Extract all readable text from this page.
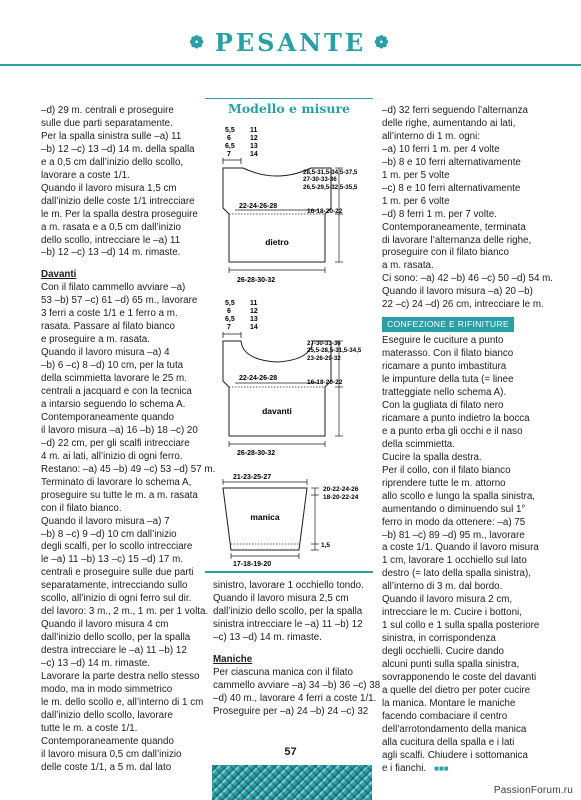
❁ PESANTE ❁

–d) 29 m. centrali e proseguire

sulle due parti separatamente.

Per la spalla sinistra sulle –a) 11

–b) 12 –c) 13 –d) 14 m. della spalla

e a 0,5 cm dall’inizio dello scollo,

lavorare a coste 1/1.

Quando il lavoro misura 1,5 cm

dall’inizio delle coste 1/1 intrecciare

le m. Per la spalla destra proseguire

a m. rasata e a 0,5 cm dall’inizio

dello scollo, intrecciare le –a) 11

–b) 12 –c) 13 –d) 14 m. rimaste.

Davanti

Con il filato cammello avviare –a)

53 –b) 57 –c) 61 –d) 65 m., lavorare

3 ferri a coste 1/1 e 1 ferro a m.

rasata. Passare al filato bianco

e proseguire a m. rasata.

Quando il lavoro misura –a) 4

–b) 6 –c) 8 –d) 10 cm, per la tuta

della scimmietta lavorare le 25 m.

centrali a jacquard e con la tecnica

a intarsio seguendo lo schema A.

Contemporaneamente quando

il lavoro misura –a) 16 –b) 18 –c) 20

–d) 22 cm, per gli scalfi intrecciare

4 m. ai lati, all’inizio di ogni ferro.

Restano: –a) 45 –b) 49 –c) 53 –d) 57 m.

Terminato di lavorare lo schema A,

proseguire su tutte le m. a m. rasata

con il filato bianco.

Quando il lavoro misura –a) 7

–b) 8 –c) 9 –d) 10 cm dall’inizio

degli scalfi, per lo scollo intrecciare

le –a) 11 –b) 13 –c) 15 –d) 17 m.

centrali e proseguire sulle due parti

separatamente, intrecciando sullo

scollo, all’inizio di ogni ferro sul dir.

del lavoro: 3 m., 2 m., 1 m. per 1 volta.

Quando il lavoro misura 4 cm

dall’inizio dello scollo, per la spalla

destra intrecciare le –a) 11 –b) 12

–c) 13 –d) 14 m. rimaste.

Lavorare la parte destra nello stesso

modo, ma in modo simmetrico

le m. dello scollo e, all’interno di 1 cm

dall’inizio dello scollo, lavorare

tutte le m. a coste 1/1.

Contemporaneamente quando

il lavoro misura 0,5 cm dall’inizio

delle coste 1/1, a 5 m. dal lato

Modello e misure
5,5
6
6,5
7
11
12
13
14
22-24-26-28
dietro
28,5-31,5-34,5-37,5
27-30-33-36
26,5-29,5-32,5-35,5
16-18-20-22
26-28-30-32
5,5
6
6,5
7
11
12
13
14
22-24-26-28
davanti
27-30-33-36
25,5-28,5-31,5-34,5
23-26-29-32
16-18-20-22
26-28-30-32
21-23-25-27
manica
20-22-24-26
18-20-22-24
1,5
17-18-19-20

sinistro, lavorare 1 occhiello tondo.

Quando il lavoro misura 2,5 cm

dall’inizio dello scollo, per la spalla

sinistra intrecciare le –a) 11 –b) 12

–c) 13 –d) 14 m. rimaste.

Maniche

Per ciascuna manica con il filato

cammello avviare –a) 34 –b) 36 –c) 38

–d) 40 m., lavorare 4 ferri a coste 1/1.

Proseguire per –a) 24 –b) 24 –c) 32

–d) 32 ferri seguendo l’alternanza

delle righe, aumentando ai lati,

all’interno di 1 m. ogni:

–a) 10 ferri 1 m. per 4 volte

–b) 8 e 10 ferri alternativamente

1 m. per 5 volte

–c) 8 e 10 ferri alternativamente

1 m. per 6 volte

–d) 8 ferri 1 m. per 7 volte.

Contemporaneamente, terminata

di lavorare l’alternanza delle righe,

proseguire con il filato bianco

a m. rasata.

Ci sono: –a) 42 –b) 46 –c) 50 –d) 54 m.

Quando il lavoro misura –a) 20 –b)

22 –c) 24 –d) 26 cm, intrecciare le m.

CONFEZIONE E RIFINITURE

Eseguire le cuciture a punto

materasso. Con il filato bianco

ricamare a punto imbastitura

le impunture della tuta (= linee

tratteggiate nello schema A).

Con la gugliata di filato nero

ricamare a punto indietro la bocca

e a punto erba gli occhi e il naso

della scimmietta.

Cucire la spalla destra.

Per il collo, con il filato bianco

riprendere tutte le m. attorno

allo scollo e lungo la spalla sinistra,

aumentando o diminuendo sul 1°

ferro in modo da ottenere: –a) 75

–b) 81 –c) 89 –d) 95 m., lavorare

a coste 1/1. Quando il lavoro misura

1 cm, lavorare 1 occhiello sul lato

destro (= lato della spalla sinistra),

all’interno di 3 m. dal bordo.

Quando il lavoro misura 2 cm,

intrecciare le m. Cucire i bottoni,

1 sul collo e 1 sulla spalla posteriore

sinistra, in corrispondenza

degli occhielli. Cucire dando

alcuni punti sulla spalla sinistra,

sovrapponendo le coste del davanti

a quelle del dietro per poter cucire

la manica. Montare le maniche

facendo combaciare il centro

dell’arrotondamento della manica

alla cucitura della spalla e i lati

agli scalfi. Chiudere i sottomanica

e i fianchi. ■■■

57
PassionForum.ru
